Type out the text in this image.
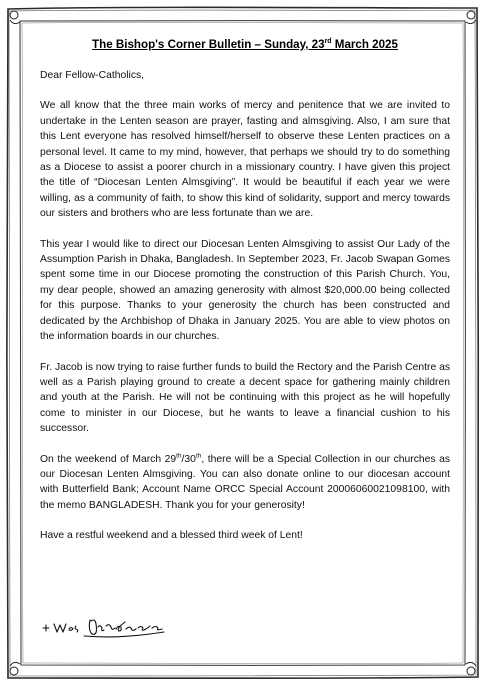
The Bishop's Corner Bulletin – Sunday, 23rd March 2025

Dear Fellow-Catholics,

We all know that the three main works of mercy and penitence that we are invited to undertake in the Lenten season are prayer, fasting and almsgiving. Also, I am sure that this Lent everyone has resolved himself/herself to observe these Lenten practices on a personal level. It came to my mind, however, that perhaps we should try to do something as a Diocese to assist a poorer church in a missionary country. I have given this project the title of “Diocesan Lenten Almsgiving”. It would be beautiful if each year we were willing, as a community of faith, to show this kind of solidarity, support and mercy towards our sisters and brothers who are less fortunate than we are.

This year I would like to direct our Diocesan Lenten Almsgiving to assist Our Lady of the Assumption Parish in Dhaka, Bangladesh. In September 2023, Fr. Jacob Swapan Gomes spent some time in our Diocese promoting the construction of this Parish Church. You, my dear people, showed an amazing generosity with almost $20,000.00 being collected for this purpose. Thanks to your generosity the church has been constructed and dedicated by the Archbishop of Dhaka in January 2025. You are able to view photos on the information boards in our churches.

Fr. Jacob is now trying to raise further funds to build the Rectory and the Parish Centre as well as a Parish playing ground to create a decent space for gathering mainly children and youth at the Parish. He will not be continuing with this project as he will hopefully come to minister in our Diocese, but he wants to leave a financial cushion to his successor.

On the weekend of March 29th/30th, there will be a Special Collection in our churches as our Diocesan Lenten Almsgiving. You can also donate online to our diocesan account with Butterfield Bank; Account Name ORCC Special Account 20006060021098100, with the memo BANGLADESH. Thank you for your generosity!

Have a restful weekend and a blessed third week of Lent!
